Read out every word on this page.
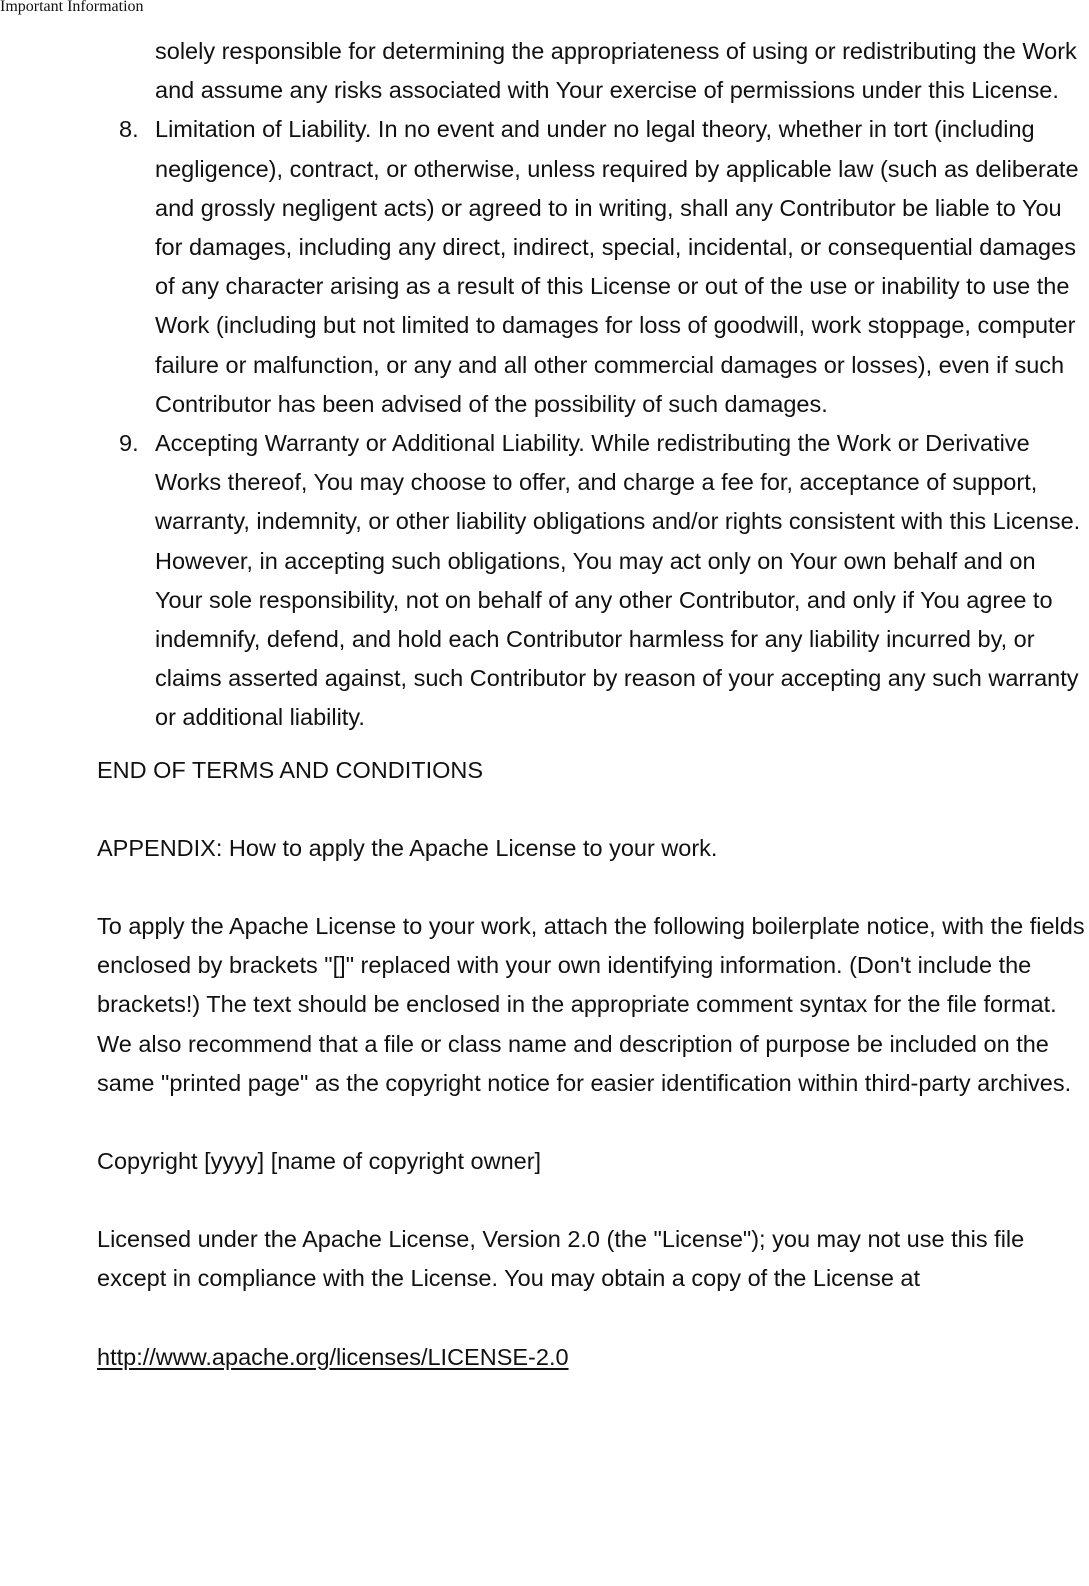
Important Information

solely responsible for determining the appropriateness of using or redistributing the Work and assume any risks associated with Your exercise of permissions under this License.

8. Limitation of Liability. In no event and under no legal theory, whether in tort (including negligence), contract, or otherwise, unless required by applicable law (such as deliberate and grossly negligent acts) or agreed to in writing, shall any Contributor be liable to You for damages, including any direct, indirect, special, incidental, or consequential damages of any character arising as a result of this License or out of the use or inability to use the Work (including but not limited to damages for loss of goodwill, work stoppage, computer failure or malfunction, or any and all other commercial damages or losses), even if such Contributor has been advised of the possibility of such damages.

9. Accepting Warranty or Additional Liability. While redistributing the Work or Derivative Works thereof, You may choose to offer, and charge a fee for, acceptance of support, warranty, indemnity, or other liability obligations and/or rights consistent with this License. However, in accepting such obligations, You may act only on Your own behalf and on Your sole responsibility, not on behalf of any other Contributor, and only if You agree to indemnify, defend, and hold each Contributor harmless for any liability incurred by, or claims asserted against, such Contributor by reason of your accepting any such warranty or additional liability.

END OF TERMS AND CONDITIONS

APPENDIX: How to apply the Apache License to your work.

To apply the Apache License to your work, attach the following boilerplate notice, with the fields enclosed by brackets "[]" replaced with your own identifying information. (Don't include the brackets!) The text should be enclosed in the appropriate comment syntax for the file format. We also recommend that a file or class name and description of purpose be included on the same "printed page" as the copyright notice for easier identification within third-party archives.

Copyright [yyyy] [name of copyright owner]

Licensed under the Apache License, Version 2.0 (the "License"); you may not use this file except in compliance with the License. You may obtain a copy of the License at

http://www.apache.org/licenses/LICENSE-2.0
